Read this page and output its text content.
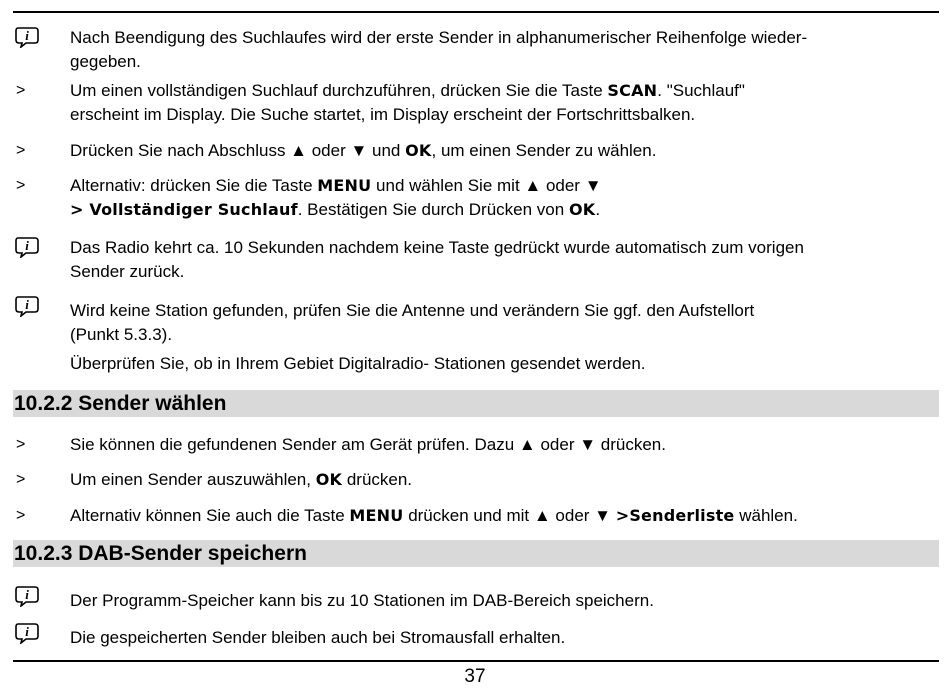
i Nach Beendigung des Suchlaufes wird der erste Sender in alphanumerischer Reihenfolge wieder-
gegeben.
>	Um einen vollständigen Suchlauf durchzuführen, drücken Sie die Taste SCAN. "Suchlauf"
erscheint im Display. Die Suche startet, im Display erscheint der Fortschrittsbalken.
>	Drücken Sie nach Abschluss ▲ oder ▼ und OK, um einen Sender zu wählen.
>	Alternativ: drücken Sie die Taste MENU und wählen Sie mit ▲ oder ▼
> Vollständiger Suchlauf. Bestätigen Sie durch Drücken von OK.
i Das Radio kehrt ca. 10 Sekunden nachdem keine Taste gedrückt wurde automatisch zum vorigen
Sender zurück.
i Wird keine Station gefunden, prüfen Sie die Antenne und verändern Sie ggf. den Aufstellort
(Punkt 5.3.3).
Überprüfen Sie, ob in Ihrem Gebiet Digitalradio- Stationen gesendet werden.
10.2.2 Sender wählen
>	Sie können die gefundenen Sender am Gerät prüfen. Dazu ▲ oder ▼ drücken.
>	Um einen Sender auszuwählen, OK drücken.
>	Alternativ können Sie auch die Taste MENU drücken und mit ▲ oder ▼ >Senderliste wählen.
10.2.3 DAB-Sender speichern
i Der Programm-Speicher kann bis zu 10 Stationen im DAB-Bereich speichern.
i Die gespeicherten Sender bleiben auch bei Stromausfall erhalten.
37
